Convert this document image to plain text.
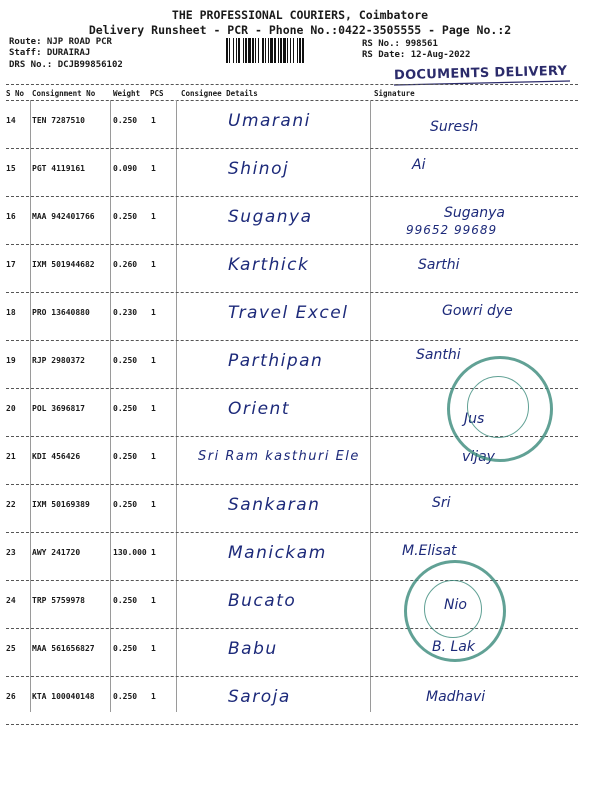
THE PROFESSIONAL COURIERS, Coimbatore
Delivery Runsheet - PCR - Phone No.:0422-3505555 - Page No.:2
Route: NJP ROAD PCR
Staff: DURAIRAJ
DRS No.: DCJB99856102
RS No.: 998561
RS Date: 12-Aug-2022
DOCUMENTS DELIVERY
S No Consignment No Weight PCS Consignee Details	Signature
14 TEN 7287510	0.250 1	Umarani	Suresh
15 PGT 4119161	0.090 1	Shinoj	Ai
16 MAA 942401766 0.250 1	Suganya	Suganya
99652 99689
17 IXM 501944682 0.260 1	Karthick	Sarthi
18 PRO 13640880	0.230 1	Travel Excel	Gowri dye
19 RJP 2980372	0.250 1	Parthipan	Santhi
20 POL 3696817	0.250 1	Orient	Jus
21 KDI 456426	0.250 1	Sri Ram kasthuri Ele	vijay
22 IXM 50169389	0.250 1	Sankaran	Sri
23 AWY 241720	130.000 1	Manickam	M.Elisat
24 TRP 5759978	0.250 1	Bucato	Nio
25 MAA 561656827 0.250 1	Babu	B. Lak
26 KTA 100040148 0.250 1	Saroja	Madhavi
